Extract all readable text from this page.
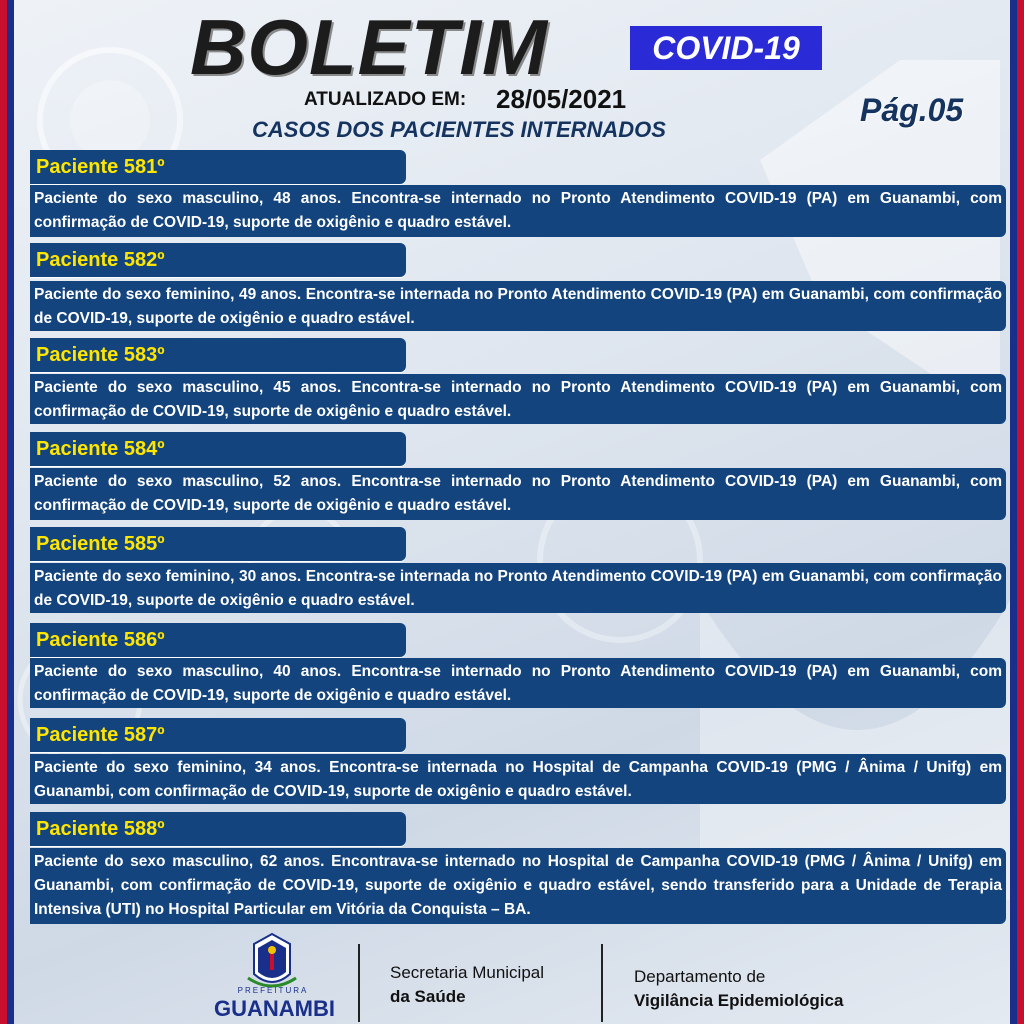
BOLETIM	COVID-19
ATUALIZADO EM: 28/05/2021	Pág.05
CASOS DOS PACIENTES INTERNADOS
Paciente 581º
Paciente do sexo masculino, 48 anos. Encontra-se internado no Pronto Atendimento COVID-19 (PA) em Guanambi, com confirmação de COVID-19, suporte de oxigênio e quadro estável.
Paciente 582º
Paciente do sexo feminino, 49 anos. Encontra-se internada no Pronto Atendimento COVID-19 (PA) em Guanambi, com confirmação de COVID-19, suporte de oxigênio e quadro estável.
Paciente 583º
Paciente do sexo masculino, 45 anos. Encontra-se internado no Pronto Atendimento COVID-19 (PA) em Guanambi, com confirmação de COVID-19, suporte de oxigênio e quadro estável.
Paciente 584º
Paciente do sexo masculino, 52 anos. Encontra-se internado no Pronto Atendimento COVID-19 (PA) em Guanambi, com confirmação de COVID-19, suporte de oxigênio e quadro estável.
Paciente 585º
Paciente do sexo feminino, 30 anos. Encontra-se internada no Pronto Atendimento COVID-19 (PA) em Guanambi, com confirmação de COVID-19, suporte de oxigênio e quadro estável.
Paciente 586º
Paciente do sexo masculino, 40 anos. Encontra-se internado no Pronto Atendimento COVID-19 (PA) em Guanambi, com confirmação de COVID-19, suporte de oxigênio e quadro estável.
Paciente 587º
Paciente do sexo feminino, 34 anos. Encontra-se internada no Hospital de Campanha COVID-19 (PMG / Ânima / Unifg) em Guanambi, com confirmação de COVID-19, suporte de oxigênio e quadro estável.
Paciente 588º
Paciente do sexo masculino, 62 anos. Encontrava-se internado no Hospital de Campanha COVID-19 (PMG / Ânima / Unifg) em Guanambi, com confirmação de COVID-19, suporte de oxigênio e quadro estável, sendo transferido para a Unidade de Terapia Intensiva (UTI) no Hospital Particular em Vitória da Conquista – BA.
PREFEITURA
GUANAMBI
Secretaria Municipal
da Saúde
Departamento de
Vigilância Epidemiológica
